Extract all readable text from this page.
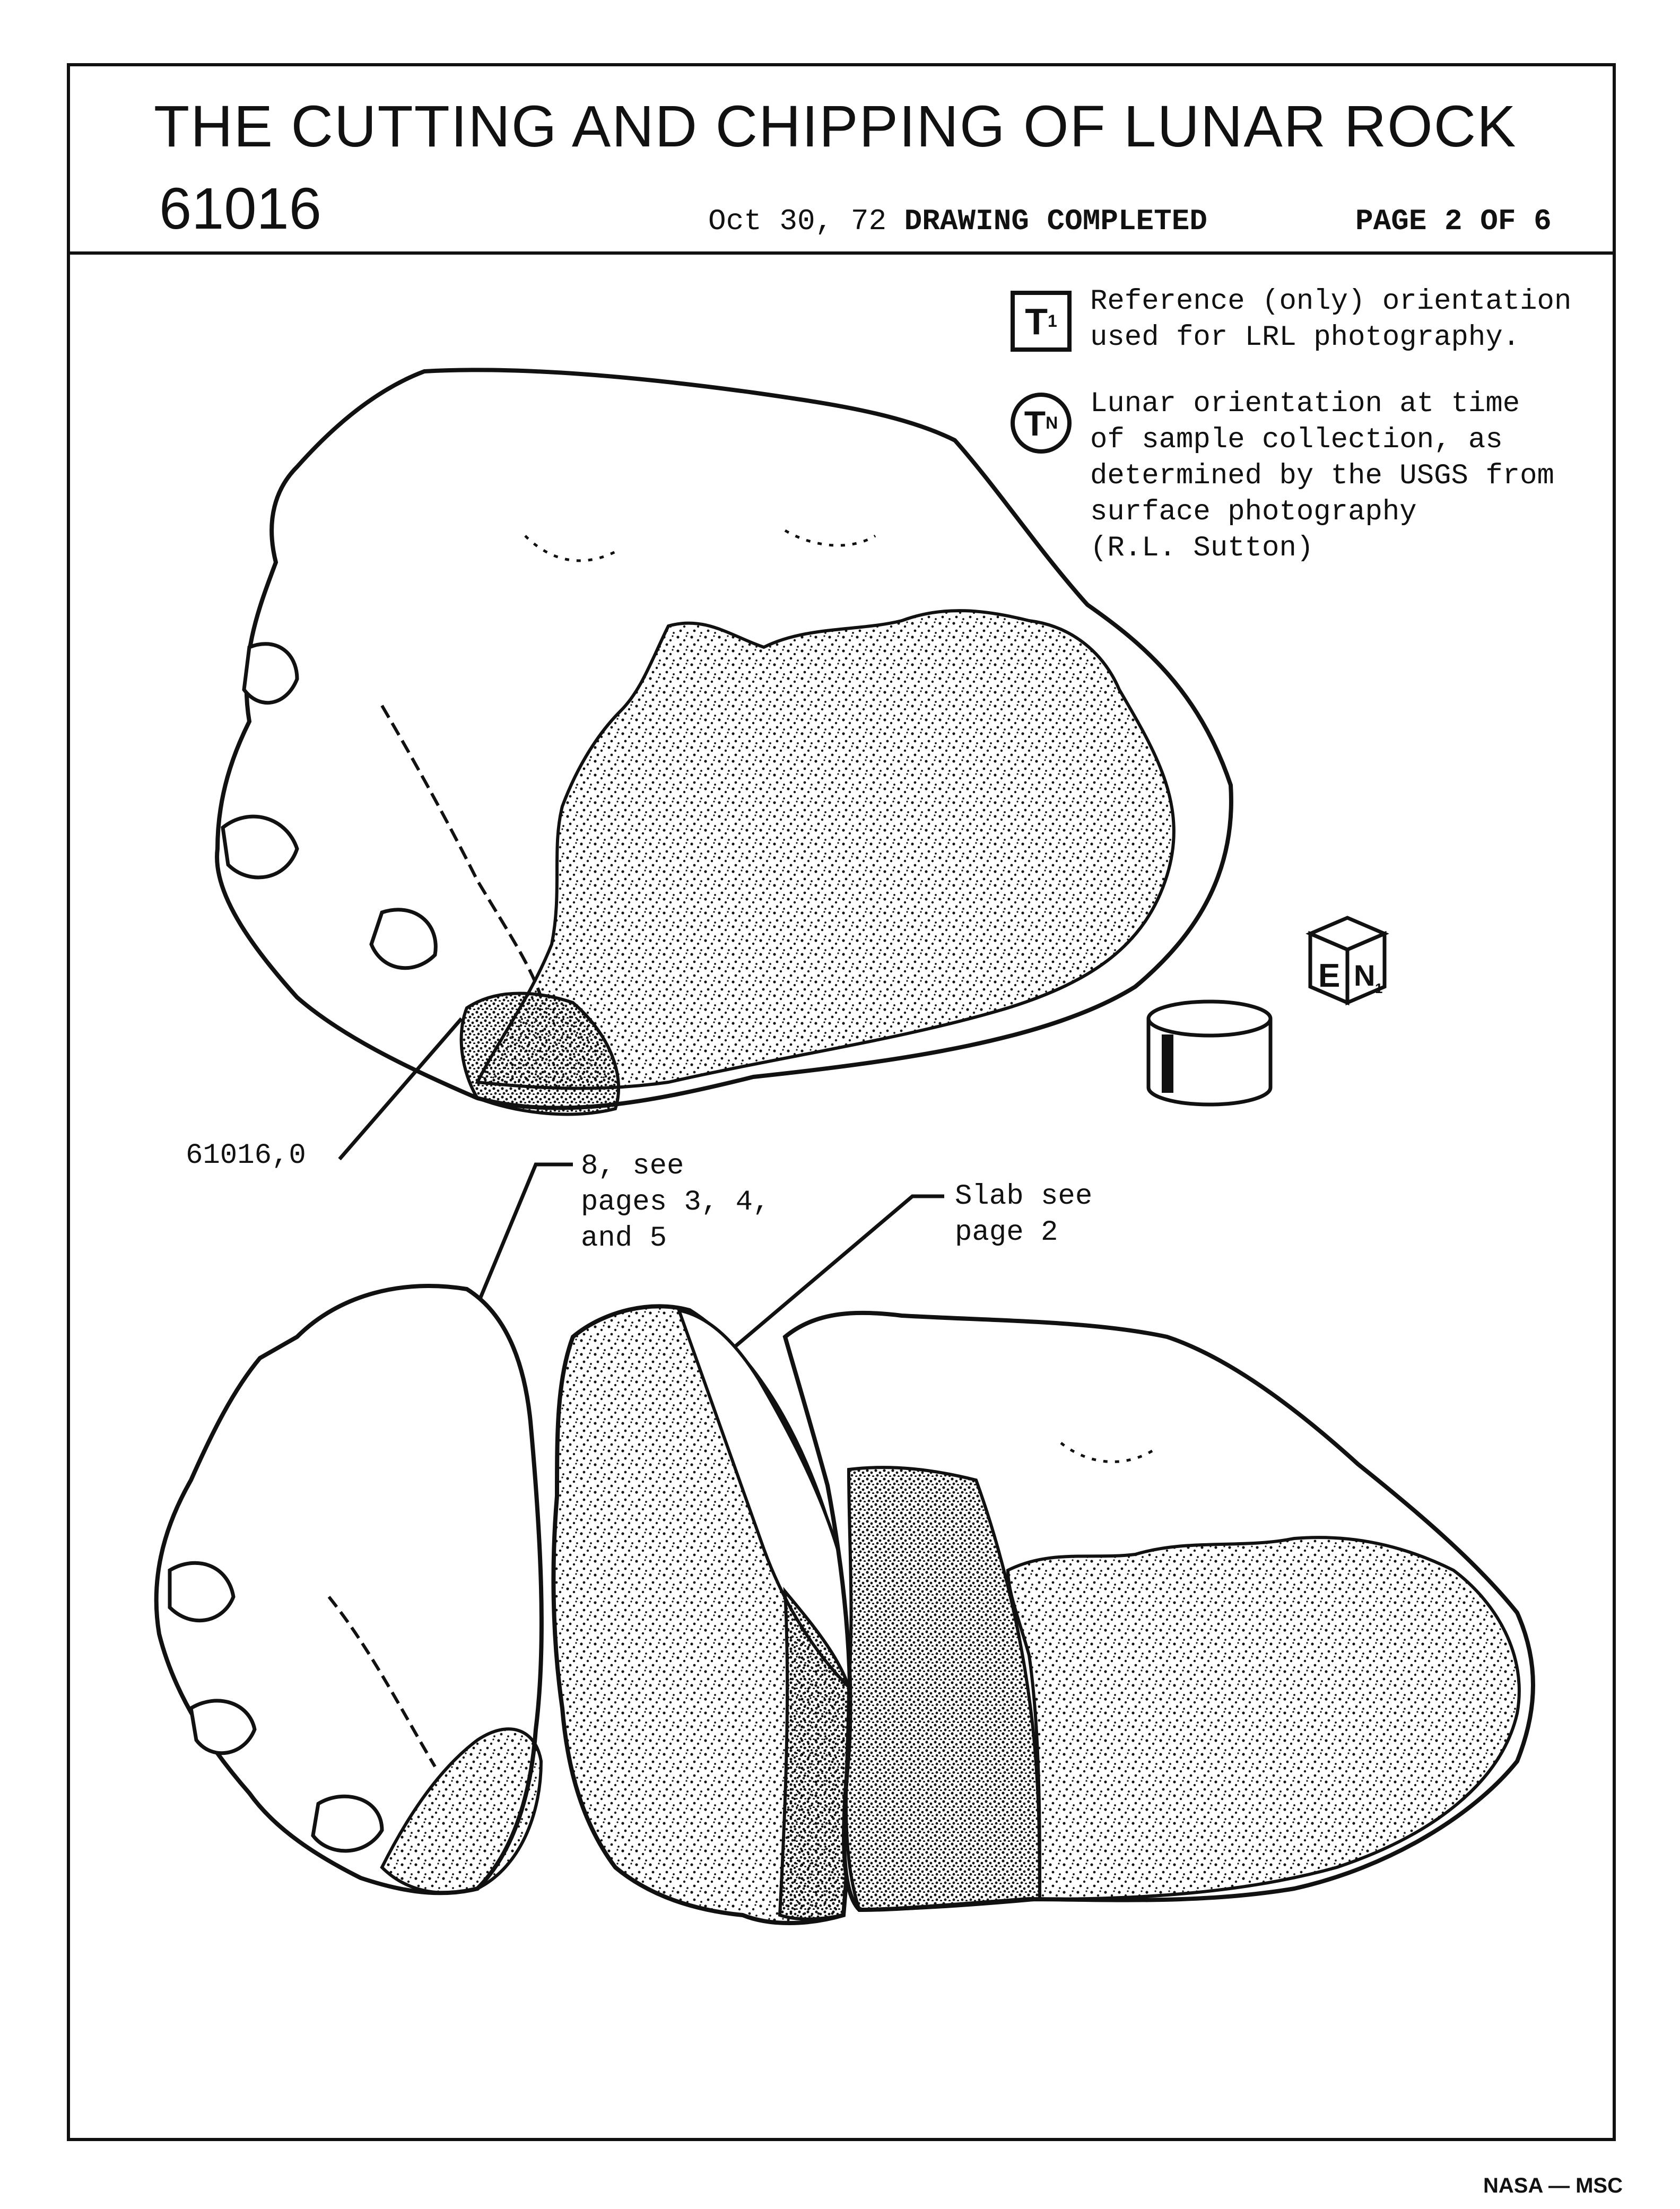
THE CUTTING AND CHIPPING OF LUNAR ROCK
61016	Oct 30, 72 DRAWING COMPLETED	PAGE 2 OF 6
T 1
Reference (only) orientation
used for LRL photography.
T N
Lunar orientation at time
of sample collection, as
determined by the USGS from
surface photography
(R.L. Sutton)
E N 1
61016,0	8, see
pages 3, 4,
and 5
Slab see
page 2
NASA — MSC
